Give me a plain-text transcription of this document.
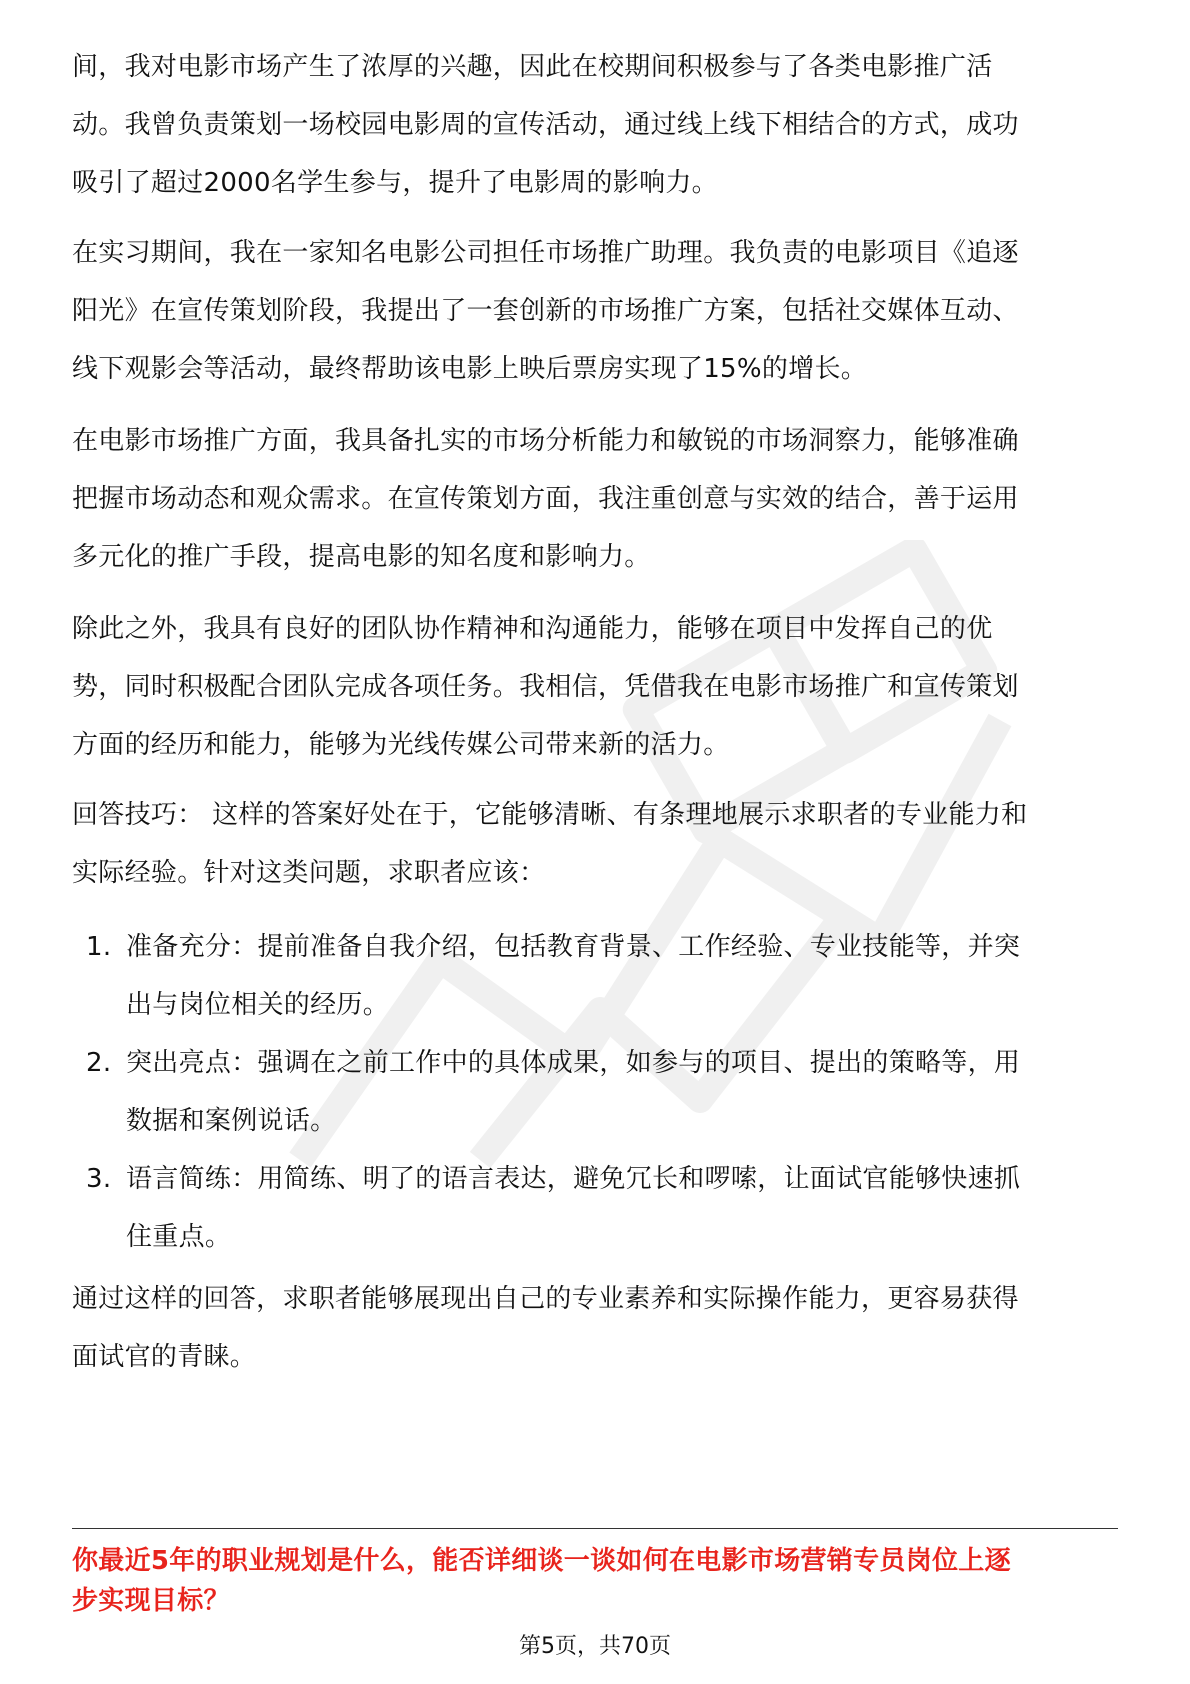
间，我对电影市场产生了浓厚的兴趣，因此在校期间积极参与了各类电影推广活
动。我曾负责策划一场校园电影周的宣传活动，通过线上线下相结合的方式，成功
吸引了超过2000名学生参与，提升了电影周的影响力。
在实习期间，我在一家知名电影公司担任市场推广助理。我负责的电影项目《追逐
阳光》在宣传策划阶段，我提出了一套创新的市场推广方案，包括社交媒体互动、
线下观影会等活动，最终帮助该电影上映后票房实现了15%的增长。
在电影市场推广方面，我具备扎实的市场分析能力和敏锐的市场洞察力，能够准确
把握市场动态和观众需求。在宣传策划方面，我注重创意与实效的结合，善于运用
多元化的推广手段，提高电影的知名度和影响力。
除此之外，我具有良好的团队协作精神和沟通能力，能够在项目中发挥自己的优
势，同时积极配合团队完成各项任务。我相信，凭借我在电影市场推广和宣传策划
方面的经历和能力，能够为光线传媒公司带来新的活力。
回答技巧： 这样的答案好处在于，它能够清晰、有条理地展示求职者的专业能力和
实际经验。针对这类问题，求职者应该：
1. 准备充分：提前准备自我介绍，包括教育背景、工作经验、专业技能等，并突
出与岗位相关的经历。
2. 突出亮点：强调在之前工作中的具体成果，如参与的项目、提出的策略等，用
数据和案例说话。
3. 语言简练：用简练、明了的语言表达，避免冗长和啰嗦，让面试官能够快速抓
住重点。
通过这样的回答，求职者能够展现出自己的专业素养和实际操作能力，更容易获得
面试官的青睐。
你最近5年的职业规划是什么，能否详细谈一谈如何在电影市场营销专员岗位上逐
步实现目标？
第5页，共70页
